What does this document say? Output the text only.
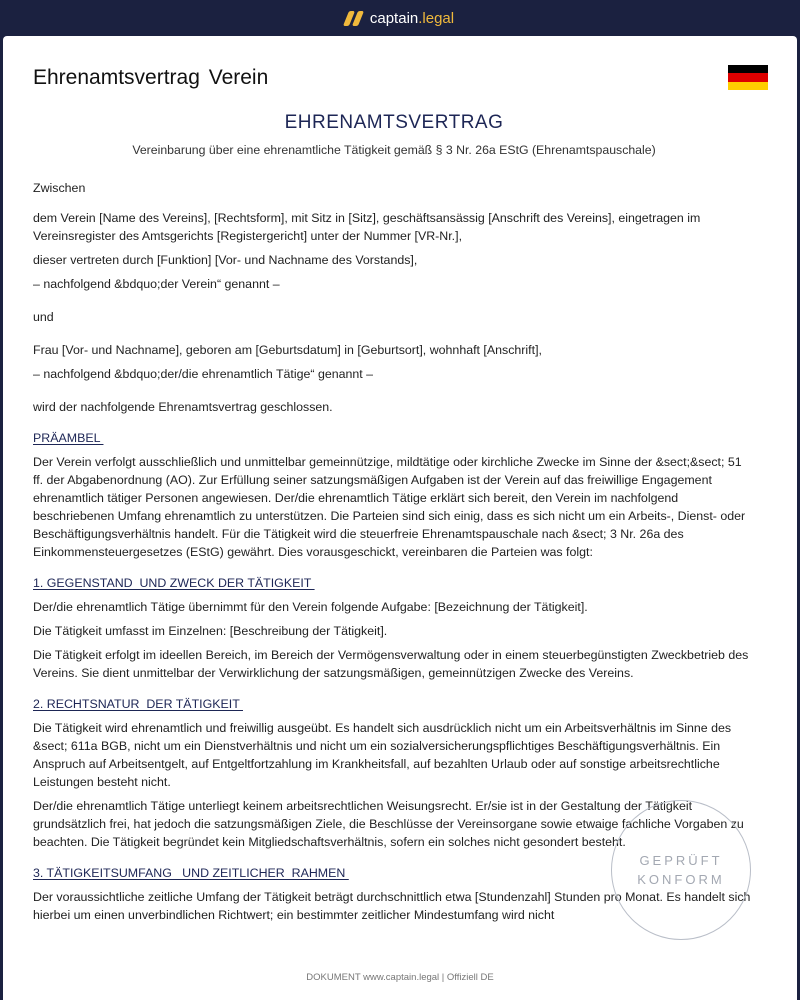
captain .legal
Ehrenamtsvertrag Verein
EHRENAMTSVERTRAG
Vereinbarung über eine ehrenamtliche Tätigkeit gemäß § 3 Nr. 26a EStG (Ehrenamtspauschale)

Zwischen

dem Verein [Name des Vereins], [Rechtsform], mit Sitz in [Sitz], geschäftsansässig [Anschrift des Vereins], eingetragen im Vereinsregister des Amtsgerichts [Registergericht] unter der Nummer [VR-Nr.],

dieser vertreten durch [Funktion] [Vor- und Nachname des Vorstands],

– nachfolgend &bdquo;der Verein“ genannt –

und

Frau [Vor- und Nachname], geboren am [Geburtsdatum] in [Geburtsort], wohnhaft [Anschrift],

– nachfolgend &bdquo;der/die ehrenamtlich Tätige“ genannt –

wird der nachfolgende Ehrenamtsvertrag geschlossen.

PRÄAMBEL

Der Verein verfolgt ausschließlich und unmittelbar gemeinnützige, mildtätige oder kirchliche Zwecke im Sinne der &sect;&sect; 51 ff. der Abgabenordnung (AO). Zur Erfüllung seiner satzungsmäßigen Aufgaben ist der Verein auf das freiwillige Engagement ehrenamtlich tätiger Personen angewiesen. Der/die ehrenamtlich Tätige erklärt sich bereit, den Verein im nachfolgend beschriebenen Umfang ehrenamtlich zu unterstützen. Die Parteien sind sich einig, dass es sich nicht um ein Arbeits-, Dienst- oder Beschäftigungsverhältnis handelt. Für die Tätigkeit wird die steuerfreie Ehrenamtspauschale nach &sect; 3 Nr. 26a des Einkommensteuergesetzes (EStG) gewährt. Dies vorausgeschickt, vereinbaren die Parteien was folgt:

1. GEGENSTAND  UND ZWECK DER TÄTIGKEIT

Der/die ehrenamtlich Tätige übernimmt für den Verein folgende Aufgabe: [Bezeichnung der Tätigkeit].

Die Tätigkeit umfasst im Einzelnen: [Beschreibung der Tätigkeit].

Die Tätigkeit erfolgt im ideellen Bereich, im Bereich der Vermögensverwaltung oder in einem steuerbegünstigten Zweckbetrieb des Vereins. Sie dient unmittelbar der Verwirklichung der satzungsmäßigen, gemeinnützigen Zwecke des Vereins.

2. RECHTSNATUR  DER TÄTIGKEIT

Die Tätigkeit wird ehrenamtlich und freiwillig ausgeübt. Es handelt sich ausdrücklich nicht um ein Arbeitsverhältnis im Sinne des &sect; 611a BGB, nicht um ein Dienstverhältnis und nicht um ein sozialversicherungspflichtiges Beschäftigungsverhältnis. Ein Anspruch auf Arbeitsentgelt, auf Entgeltfortzahlung im Krankheitsfall, auf bezahlten Urlaub oder auf sonstige arbeitsrechtliche Leistungen besteht nicht.

Der/die ehrenamtlich Tätige unterliegt keinem arbeitsrechtlichen Weisungsrecht. Er/sie ist in der Gestaltung der Tätigkeit grundsätzlich frei, hat jedoch die satzungsmäßigen Ziele, die Beschlüsse der Vereinsorgane sowie etwaige fachliche Vorgaben zu beachten. Die Tätigkeit begründet kein Mitgliedschaftsverhältnis, sofern ein solches nicht gesondert besteht.

3. TÄTIGKEITSUMFANG   UND ZEITLICHER  RAHMEN

Der voraussichtliche zeitliche Umfang der Tätigkeit beträgt durchschnittlich etwa [Stundenzahl] Stunden pro Monat. Es handelt sich hierbei um einen unverbindlichen Richtwert; ein bestimmter zeitlicher Mindestumfang wird nicht

GEPRÜFT
KONFORM
DOKUMENT www.captain.legal | Offiziell DE
